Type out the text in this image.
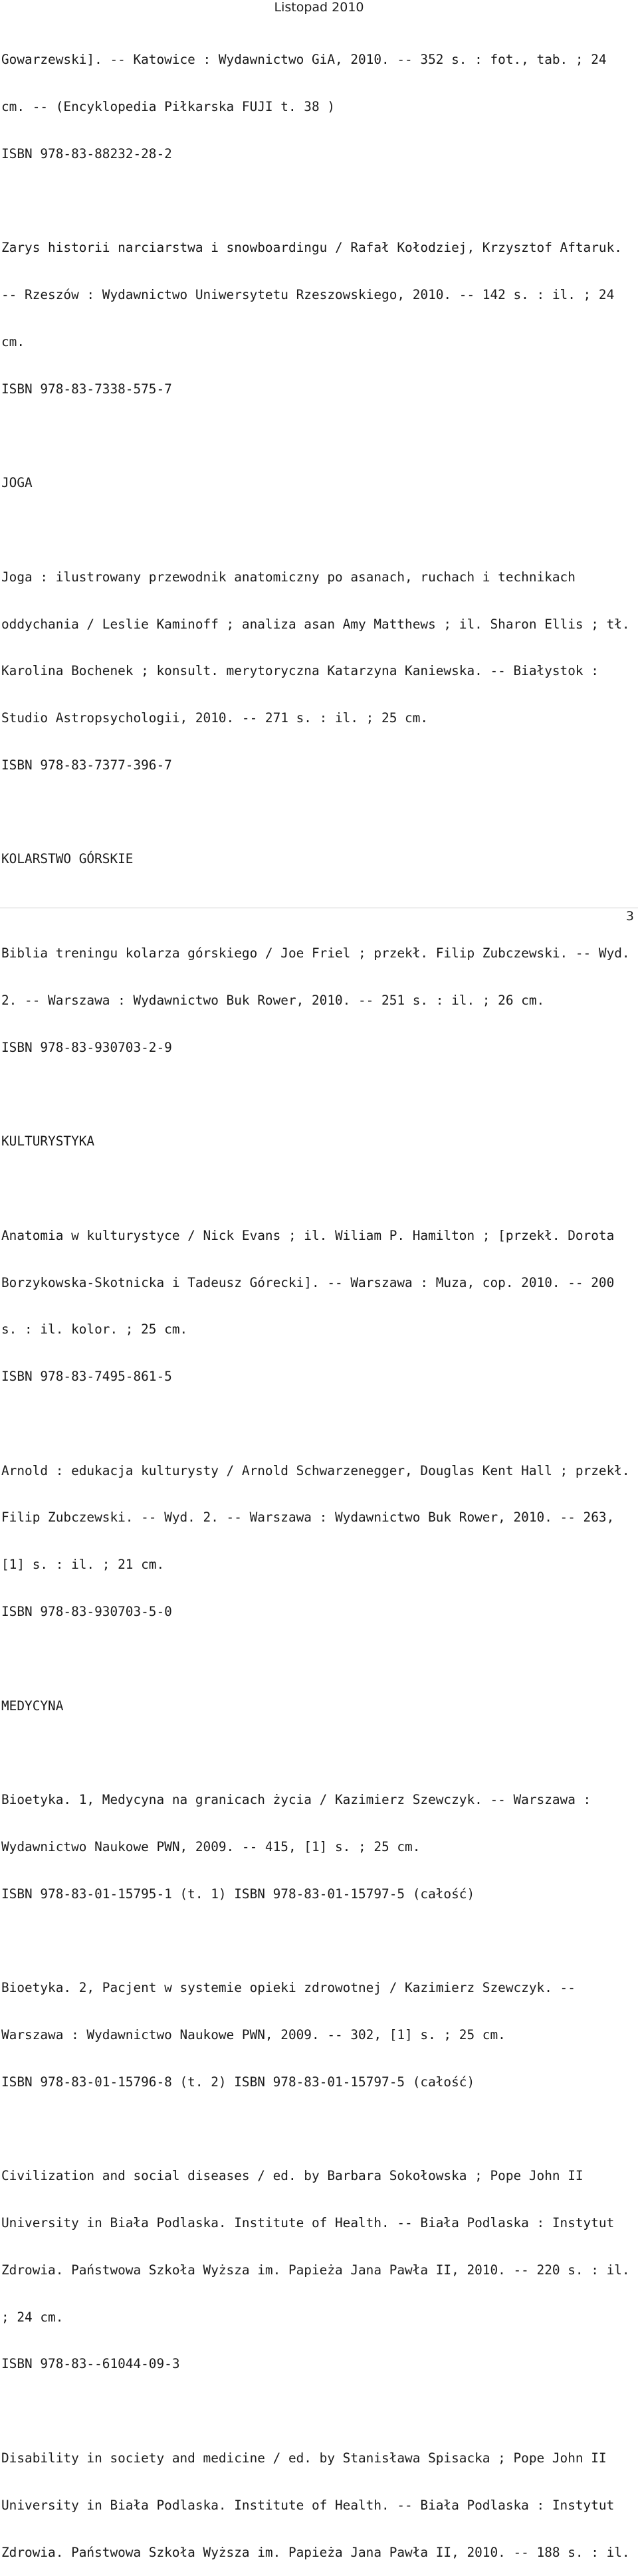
Listopad 2010

Gowarzewski]. -- Katowice : Wydawnictwo GiA, 2010. -- 352 s. : fot., tab. ; 24

cm. -- (Encyklopedia Piłkarska FUJI t. 38 )

ISBN 978-83-88232-28-2

Zarys historii narciarstwa i snowboardingu / Rafał Kołodziej, Krzysztof Aftaruk.

-- Rzeszów : Wydawnictwo Uniwersytetu Rzeszowskiego, 2010. -- 142 s. : il. ; 24

cm.

ISBN 978-83-7338-575-7

JOGA

Joga : ilustrowany przewodnik anatomiczny po asanach, ruchach i technikach

oddychania / Leslie Kaminoff ; analiza asan Amy Matthews ; il. Sharon Ellis ; tł.

Karolina Bochenek ; konsult. merytoryczna Katarzyna Kaniewska. -- Białystok :

Studio Astropsychologii, 2010. -- 271 s. : il. ; 25 cm.

ISBN 978-83-7377-396-7

KOLARSTWO GÓRSKIE

Biblia treningu kolarza górskiego / Joe Friel ; przekł. Filip Zubczewski. -- Wyd.

2. -- Warszawa : Wydawnictwo Buk Rower, 2010. -- 251 s. : il. ; 26 cm.

ISBN 978-83-930703-2-9

KULTURYSTYKA

Anatomia w kulturystyce / Nick Evans ; il. Wiliam P. Hamilton ; [przekł. Dorota

Borzykowska-Skotnicka i Tadeusz Górecki]. -- Warszawa : Muza, cop. 2010. -- 200

s. : il. kolor. ; 25 cm.

ISBN 978-83-7495-861-5

Arnold : edukacja kulturysty / Arnold Schwarzenegger, Douglas Kent Hall ; przekł.

Filip Zubczewski. -- Wyd. 2. -- Warszawa : Wydawnictwo Buk Rower, 2010. -- 263,

[1] s. : il. ; 21 cm.

ISBN 978-83-930703-5-0

MEDYCYNA

Bioetyka. 1, Medycyna na granicach życia / Kazimierz Szewczyk. -- Warszawa :

Wydawnictwo Naukowe PWN, 2009. -- 415, [1] s. ; 25 cm.

ISBN 978-83-01-15795-1 (t. 1) ISBN 978-83-01-15797-5 (całość)

Bioetyka. 2, Pacjent w systemie opieki zdrowotnej / Kazimierz Szewczyk. --

Warszawa : Wydawnictwo Naukowe PWN, 2009. -- 302, [1] s. ; 25 cm.

ISBN 978-83-01-15796-8 (t. 2) ISBN 978-83-01-15797-5 (całość)

Civilization and social diseases / ed. by Barbara Sokołowska ; Pope John II

University in Biała Podlaska. Institute of Health. -- Biała Podlaska : Instytut

Zdrowia. Państwowa Szkoła Wyższa im. Papieża Jana Pawła II, 2010. -- 220 s. : il.

; 24 cm.

ISBN 978-83--61044-09-3

Disability in society and medicine / ed. by Stanisława Spisacka ; Pope John II

University in Biała Podlaska. Institute of Health. -- Biała Podlaska : Instytut

Zdrowia. Państwowa Szkoła Wyższa im. Papieża Jana Pawła II, 2010. -- 188 s. : il.

3
